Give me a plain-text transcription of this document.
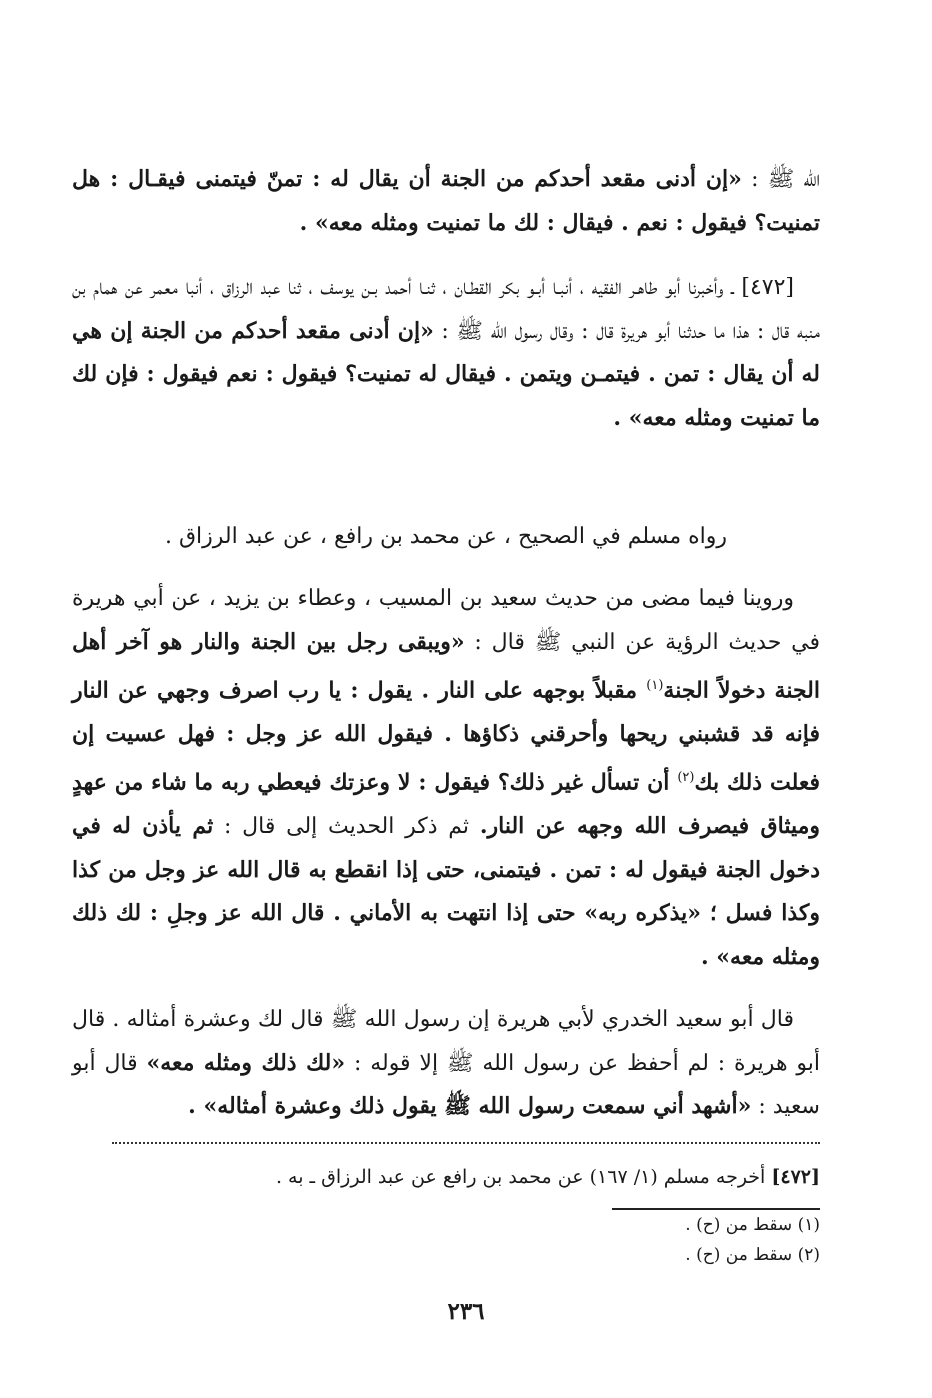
الله ﷺ : «إن أدنى مقعد أحدكم من الجنة أن يقال له : تمنّ فيتمنى فيقـال : هل تمنيت؟ فيقول : نعم . فيقال : لك ما تمنيت ومثله معه» .
[٤٧٢] ـ وأخبرنا أبو طاهـر الفقيه ، أنبـا أبـو بكر القطـان ، ثنـا أحمد بـن يوسف ، ثنا عبد الرزاق ، أنبا معمر عن همام بن منبه قال : هذا ما حدثنا أبو هريرة قال : وقال رسول الله ﷺ : «إن أدنى مقعد أحدكم من الجنة إن هي له أن يقال : تمن . فيتمـن ويتمن . فيقال له تمنيت؟ فيقول : نعم فيقول : فإن لك ما تمنيت ومثله معه» .
رواه مسلم في الصحيح ، عن محمد بن رافع ، عن عبد الرزاق .
وروينا فيما مضى من حديث سعيد بن المسيب ، وعطاء بن يزيد ، عن أبي هريرة في حديث الرؤية عن النبي ﷺ قال : «ويبقى رجل بين الجنة والنار هو آخر أهل الجنة دخولاً الجنة$^{(١)}$ مقبلاً بوجهه على النار . يقول : يا رب اصرف وجهي عن النار فإنه قد قشبني ريحها وأحرقني ذكاؤها . فيقول الله عز وجل : فهل عسيت إن فعلت ذلك بك$^{(٢)}$ أن تسأل غير ذلك؟ فيقول : لا وعزتك فيعطي ربه ما شاء من عهدٍ وميثاق فيصرف الله وجهه عن النار. ثم ذكر الحديث إلى قال : ثم يأذن له في دخول الجنة فيقول له : تمن . فيتمنى، حتى إذا انقطع به قال الله عز وجل من كذا وكذا فسل ؛ «يذكره ربه» حتى إذا انتهت به الأماني . قال الله عز وجلِ : لك ذلك ومثله معه» .
قال أبو سعيد الخدري لأبي هريرة إن رسول الله ﷺ قال لك وعشرة أمثاله . قال أبو هريرة : لم أحفظ عن رسول الله ﷺ إلا قوله : «لك ذلك ومثله معه» قال أبو سعيد : «أشهد أني سمعت رسول الله ﷺ يقول ذلك وعشرة أمثاله» .
[٤٧٢] أخرجه مسلم (١/ ١٦٧) عن محمد بن رافع عن عبد الرزاق ـ به .
(١) سقط من (ح) .
(٢) سقط من (ح) .
٢٣٦
